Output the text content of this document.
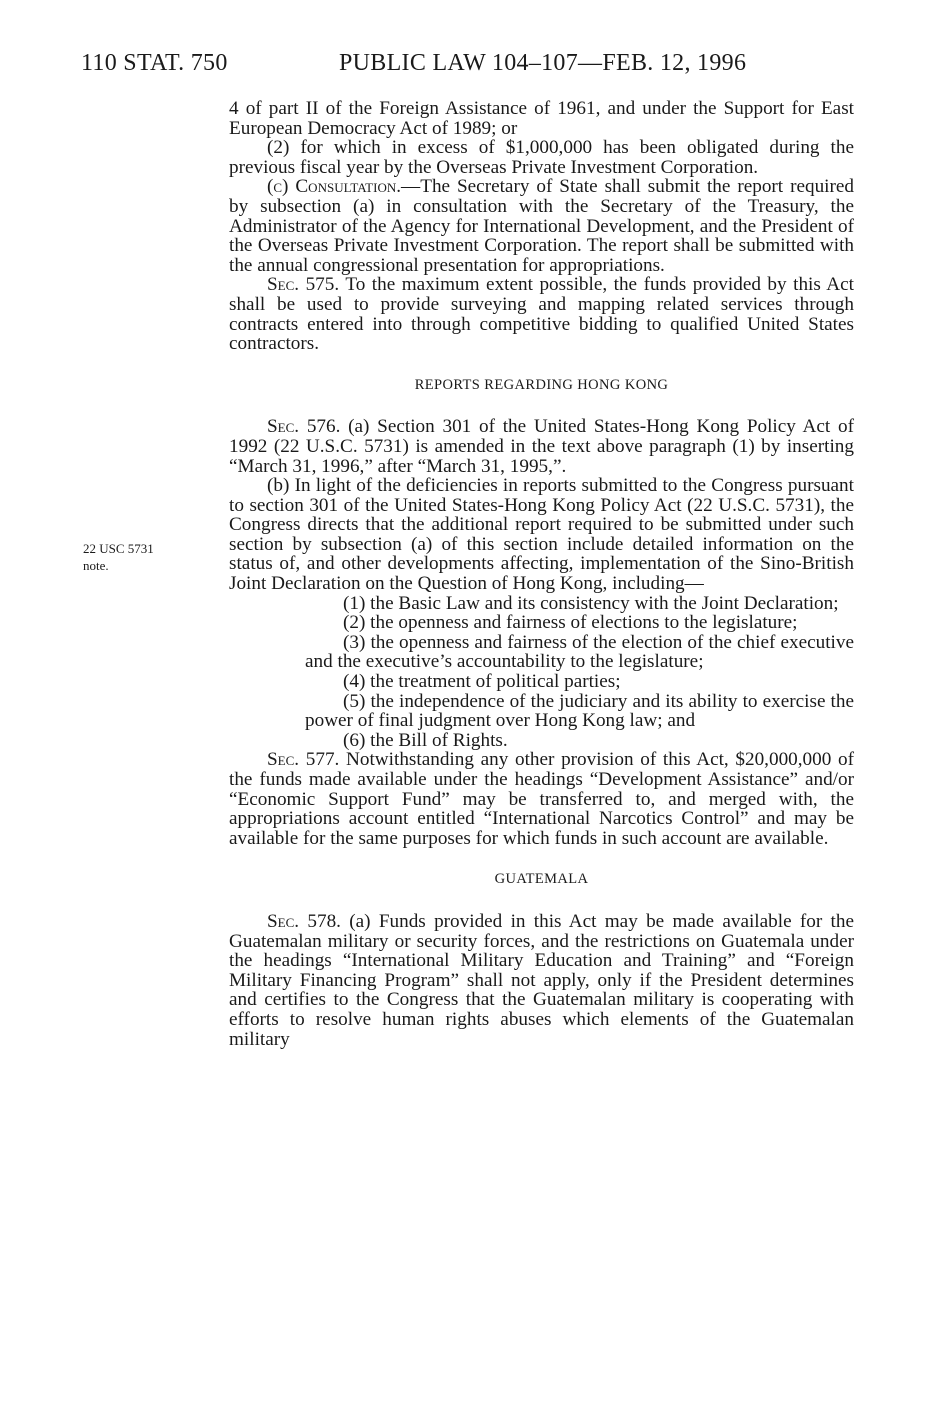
110 STAT. 750	PUBLIC LAW 104–107—FEB. 12, 1996
22 USC 5731
note.

4 of part II of the Foreign Assistance of 1961, and under the Support for East European Democracy Act of 1989; or

(2) for which in excess of $1,000,000 has been obligated during the previous fiscal year by the Overseas Private Investment Corporation.

(c) Consultation.—The Secretary of State shall submit the report required by subsection (a) in consultation with the Secretary of the Treasury, the Administrator of the Agency for International Development, and the President of the Overseas Private Investment Corporation. The report shall be submitted with the annual congressional presentation for appropriations.

Sec. 575. To the maximum extent possible, the funds provided by this Act shall be used to provide surveying and mapping related services through contracts entered into through competitive bidding to qualified United States contractors.

REPORTS REGARDING HONG KONG

Sec. 576. (a) Section 301 of the United States-Hong Kong Policy Act of 1992 (22 U.S.C. 5731) is amended in the text above paragraph (1) by inserting “March 31, 1996,” after “March 31, 1995,”.

(b) In light of the deficiencies in reports submitted to the Congress pursuant to section 301 of the United States-Hong Kong Policy Act (22 U.S.C. 5731), the Congress directs that the additional report required to be submitted under such section by subsection (a) of this section include detailed information on the status of, and other developments affecting, implementation of the Sino-British Joint Declaration on the Question of Hong Kong, including—

(1) the Basic Law and its consistency with the Joint Declaration;

(2) the openness and fairness of elections to the legislature;

(3) the openness and fairness of the election of the chief executive and the executive’s accountability to the legislature;

(4) the treatment of political parties;

(5) the independence of the judiciary and its ability to exercise the power of final judgment over Hong Kong law; and

(6) the Bill of Rights.

Sec. 577. Notwithstanding any other provision of this Act, $20,000,000 of the funds made available under the headings “Development Assistance” and/or “Economic Support Fund” may be transferred to, and merged with, the appropriations account entitled “International Narcotics Control” and may be available for the same purposes for which funds in such account are available.

GUATEMALA

Sec. 578. (a) Funds provided in this Act may be made available for the Guatemalan military or security forces, and the restrictions on Guatemala under the headings “International Military Education and Training” and “Foreign Military Financing Program” shall not apply, only if the President determines and certifies to the Congress that the Guatemalan military is cooperating with efforts to resolve human rights abuses which elements of the Guatemalan military
